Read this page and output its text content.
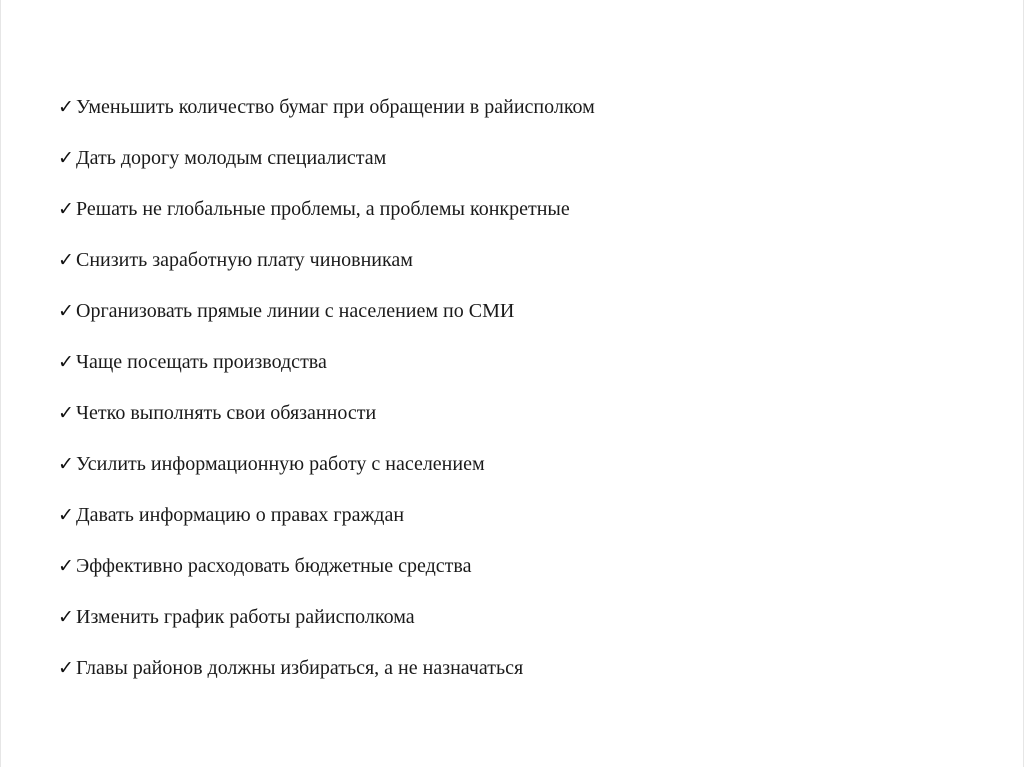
✓ Уменьшить количество бумаг при обращении в райисполком
✓ Дать дорогу молодым специалистам
✓ Решать не глобальные проблемы, а проблемы конкретные
✓ Снизить заработную плату чиновникам
✓ Организовать прямые линии с населением по СМИ
✓ Чаще посещать производства
✓ Четко выполнять свои обязанности
✓ Усилить информационную работу с населением
✓ Давать информацию о правах граждан
✓ Эффективно расходовать бюджетные средства
✓ Изменить график работы райисполкома
✓ Главы районов должны избираться, а не назначаться
